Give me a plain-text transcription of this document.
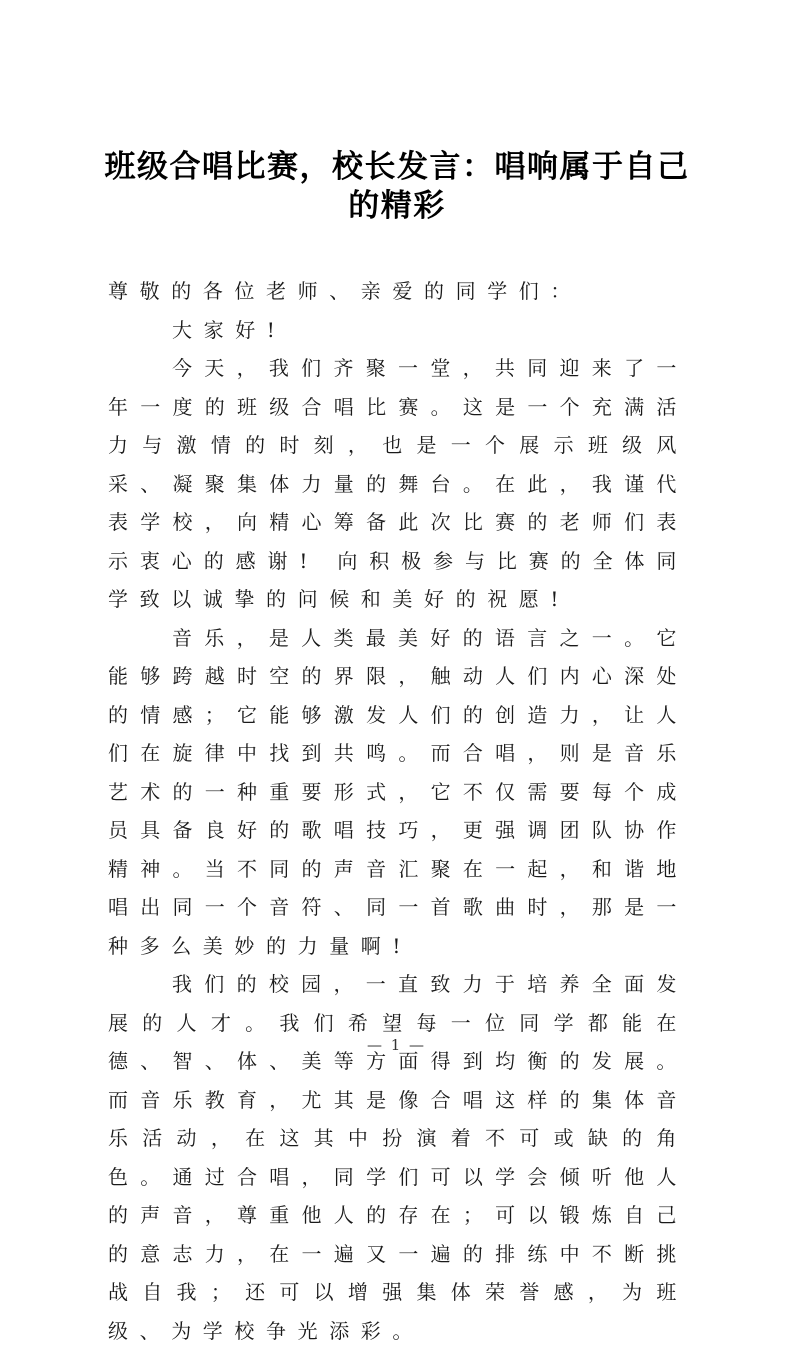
班级合唱比赛，校长发言：唱响属于自己的精彩

尊敬的各位老师、亲爱的同学们：

大家好!

今天，我们齐聚一堂，共同迎来了一年一度的班级合唱比赛。这是一个充满活力与激情的时刻，也是一个展示班级风采、凝聚集体力量的舞台。在此，我谨代表学校，向精心筹备此次比赛的老师们表示衷心的感谢! 向积极参与比赛的全体同学致以诚挚的问候和美好的祝愿!

音乐，是人类最美好的语言之一。它能够跨越时空的界限，触动人们内心深处的情感；它能够激发人们的创造力，让人们在旋律中找到共鸣。而合唱，则是音乐艺术的一种重要形式，它不仅需要每个成员具备良好的歌唱技巧，更强调团队协作精神。当不同的声音汇聚在一起，和谐地唱出同一个音符、同一首歌曲时，那是一种多么美妙的力量啊!

我们的校园，一直致力于培养全面发展的人才。我们希望每一位同学都能在德、智、体、美等方面得到均衡的发展。而音乐教育，尤其是像合唱这样的集体音乐活动，在这其中扮演着不可或缺的角色。通过合唱，同学们可以学会倾听他人的声音，尊重他人的存在；可以锻炼自己的意志力，在一遍又一遍的排练中不断挑战自我；还可以增强集体荣誉感，为班级、为学校争光添彩。

— 1 —
